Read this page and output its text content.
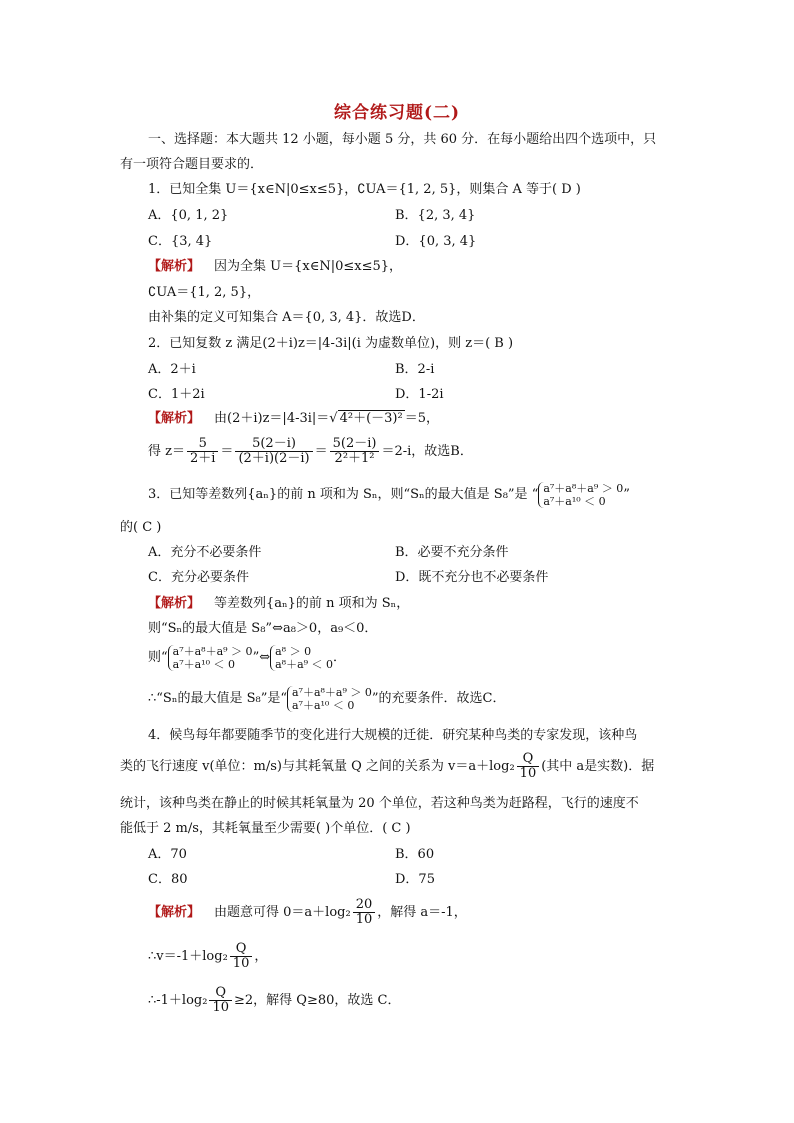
综合练习题(二)
一、选择题：本大题共 12 小题，每小题 5 分，共 60 分．在每小题给出四个选项中，只
有一项符合题目要求的．
1．已知全集 U＝{x∈N|0≤x≤5}，∁UA＝{1, 2, 5}，则集合 A 等于( D )
A．{0, 1, 2}	B．{2, 3, 4}
C．{3, 4}	D．{0, 3, 4}
【解析】 因为全集 U＝{x∈N|0≤x≤5}，
∁UA＝{1, 2, 5}，
由补集的定义可知集合 A＝{0, 3, 4}．故选D．
2．已知复数 z 满足(2＋i)z＝|4-3i|(i 为虚数单位)，则 z＝( B )
A．2＋i	B．2-i
C．1＋2i	D．1-2i
【解析】 由(2＋i)z＝|4-3i|＝√ 4²＋(－3)² ＝5，
得 $z= \frac{5}{2+i} = \frac{5(2-i)}{(2+i)(2-i)} = \frac{5(2-i)}{\text{2²＋1²}} =2-i$，故选B．
3．已知等差数列{aₙ}的前 n 项和为 Sₙ，则“Sₙ的最大值是 S₈”是 “ a⁷＋a⁸＋a⁹ ＞ 0
a⁷＋a¹⁰ ＜ 0	”
的( C )
A．充分不必要条件	B．必要不充分条件
C．充分必要条件	D．既不充分也不必要条件
【解析】 等差数列{aₙ}的前 n 项和为 Sₙ，
则“Sₙ的最大值是 S₈”⇔a₈＞0，a₉＜0．
则“ a⁷＋a⁸＋a⁹ ＞ 0
a⁷＋a¹⁰ ＜ 0	”⇔ a⁸ ＞ 0
a⁸＋a⁹ ＜ 0 ．
∴“Sₙ的最大值是 S₈”是“ a⁷＋a⁸＋a⁹ ＞ 0
a⁷＋a¹⁰ ＜ 0	”的充要条件．故选C．
4．候鸟每年都要随季节的变化进行大规模的迁徙．研究某种鸟类的专家发现，该种鸟
类的飞行速度 v(单位：m/s)与其耗氧量 Q 之间的关系为 $v=a+\log_2 \frac{Q}{10}$ (其中 a是实数)．据
统计，该种鸟类在静止的时候其耗氧量为 20 个单位，若这种鸟类为赶路程，飞行的速度不
能低于 2 m/s，其耗氧量至少需要( )个单位．( C )
A．70	B．60
C．80	D．75
【解析】 由题意可得 $0=a+\log_2 \frac{20}{10}$ ，解得 a＝-1，
∴v＝-1＋log₂ $\frac{Q}{10}$ ，
∴-1＋log₂ $\frac{Q}{10} \ge 2$，解得 Q≥80，故选 C．
